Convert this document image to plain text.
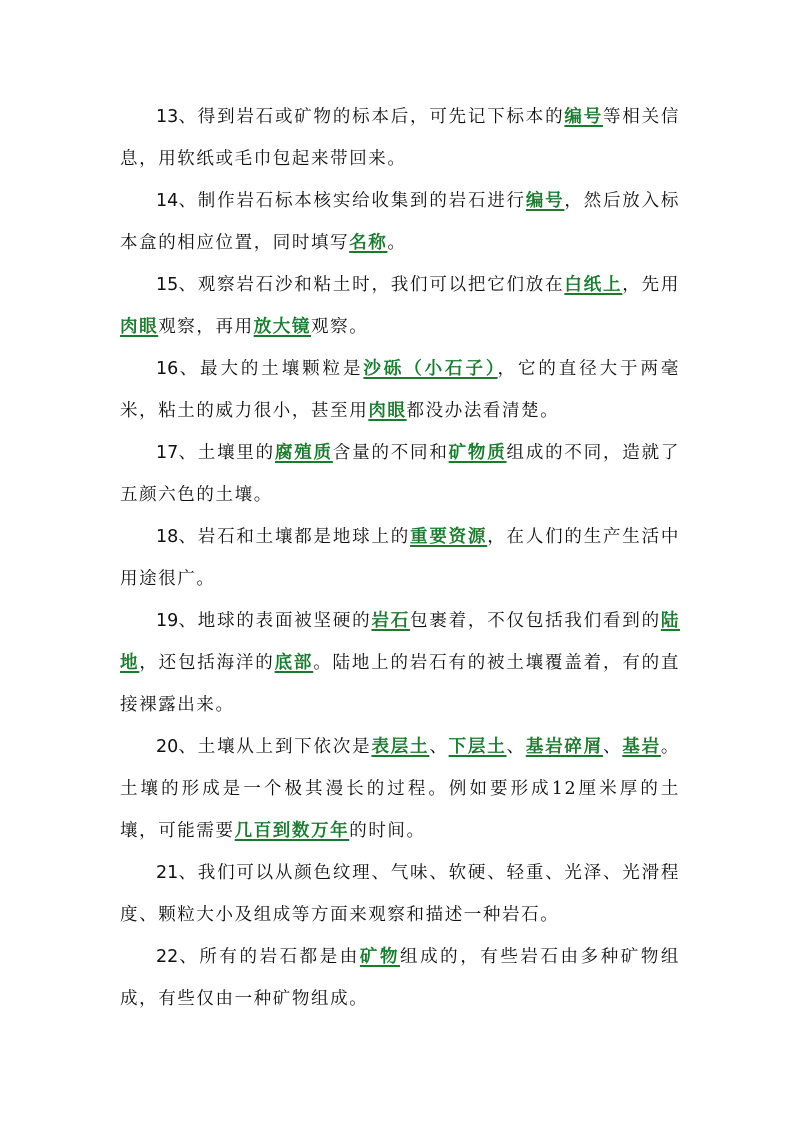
13、得到岩石或矿物的标本后，可先记下标本的编号等相关信息，用软纸或毛巾包起来带回来。

14、制作岩石标本核实给收集到的岩石进行编号，然后放入标本盒的相应位置，同时填写名称。

15、观察岩石沙和粘土时，我们可以把它们放在白纸上，先用肉眼观察，再用放大镜观察。

16、最大的土壤颗粒是沙砾（小石子），它的直径大于两毫米，粘土的威力很小，甚至用肉眼都没办法看清楚。

17、土壤里的腐殖质含量的不同和矿物质组成的不同，造就了五颜六色的土壤。

18、岩石和土壤都是地球上的重要资源，在人们的生产生活中用途很广。

19、地球的表面被坚硬的岩石包裹着，不仅包括我们看到的陆地，还包括海洋的底部。陆地上的岩石有的被土壤覆盖着，有的直接裸露出来。

20、土壤从上到下依次是表层土、下层土、基岩碎屑、基岩。土壤的形成是一个极其漫长的过程。例如要形成12厘米厚的土壤，可能需要几百到数万年的时间。

21、我们可以从颜色纹理、气味、软硬、轻重、光泽、光滑程度、颗粒大小及组成等方面来观察和描述一种岩石。

22、所有的岩石都是由矿物组成的，有些岩石由多种矿物组成，有些仅由一种矿物组成。
